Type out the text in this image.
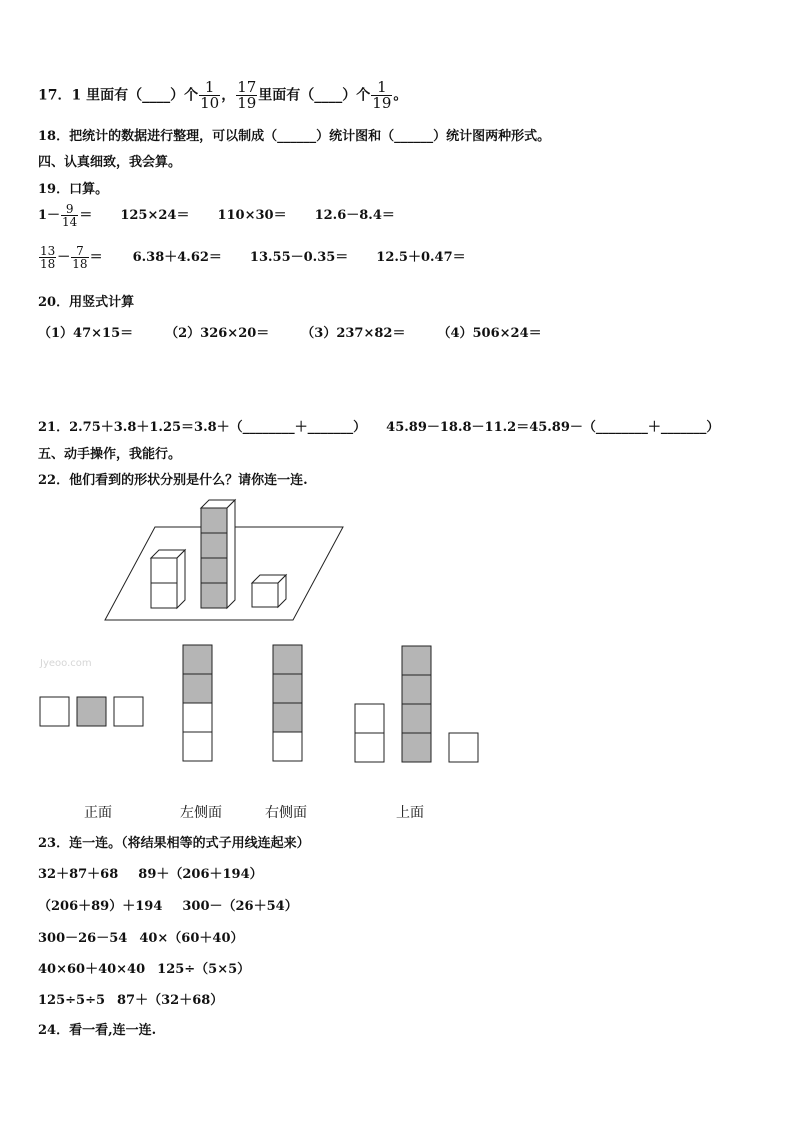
17．1 里面有（____）个 $\frac{1}{10}$ ， $\frac{17}{19}$ 里面有（____）个 $\frac{1}{19}$ 。
18．把统计的数据进行整理，可以制成（______）统计图和（______）统计图两种形式。
四、认真细致，我会算。
19．口算。
$1- \frac{9}{14} = 125\times 24= 110\times 30= 12.6-8.4=$
$\frac{13}{18} - \frac{7}{18} = 6.38+4.62= 13.55-0.35= 12.5+0.47=$
20．用竖式计算
（1）47×15＝ （2）326×20＝ （3）237×82＝ （4）506×24＝
21．2.75＋3.8＋1.25＝3.8＋（________＋_______） 45.89－18.8－11.2＝45.89－（________＋_______）
五、动手操作，我能行。
22．他们看到的形状分别是什么？请你连一连.
Jyeoo.com
正面	左侧面	右侧面	上面
23．连一连。（将结果相等的式子用线连起来）
32＋87＋68 89＋（206＋194）
（206＋89）＋194 300－（26＋54）
300－26－54 40×（60＋40）
40×60＋40×40 125÷（5×5）
125÷5÷5 87＋（32＋68）
24．看一看,连一连.
